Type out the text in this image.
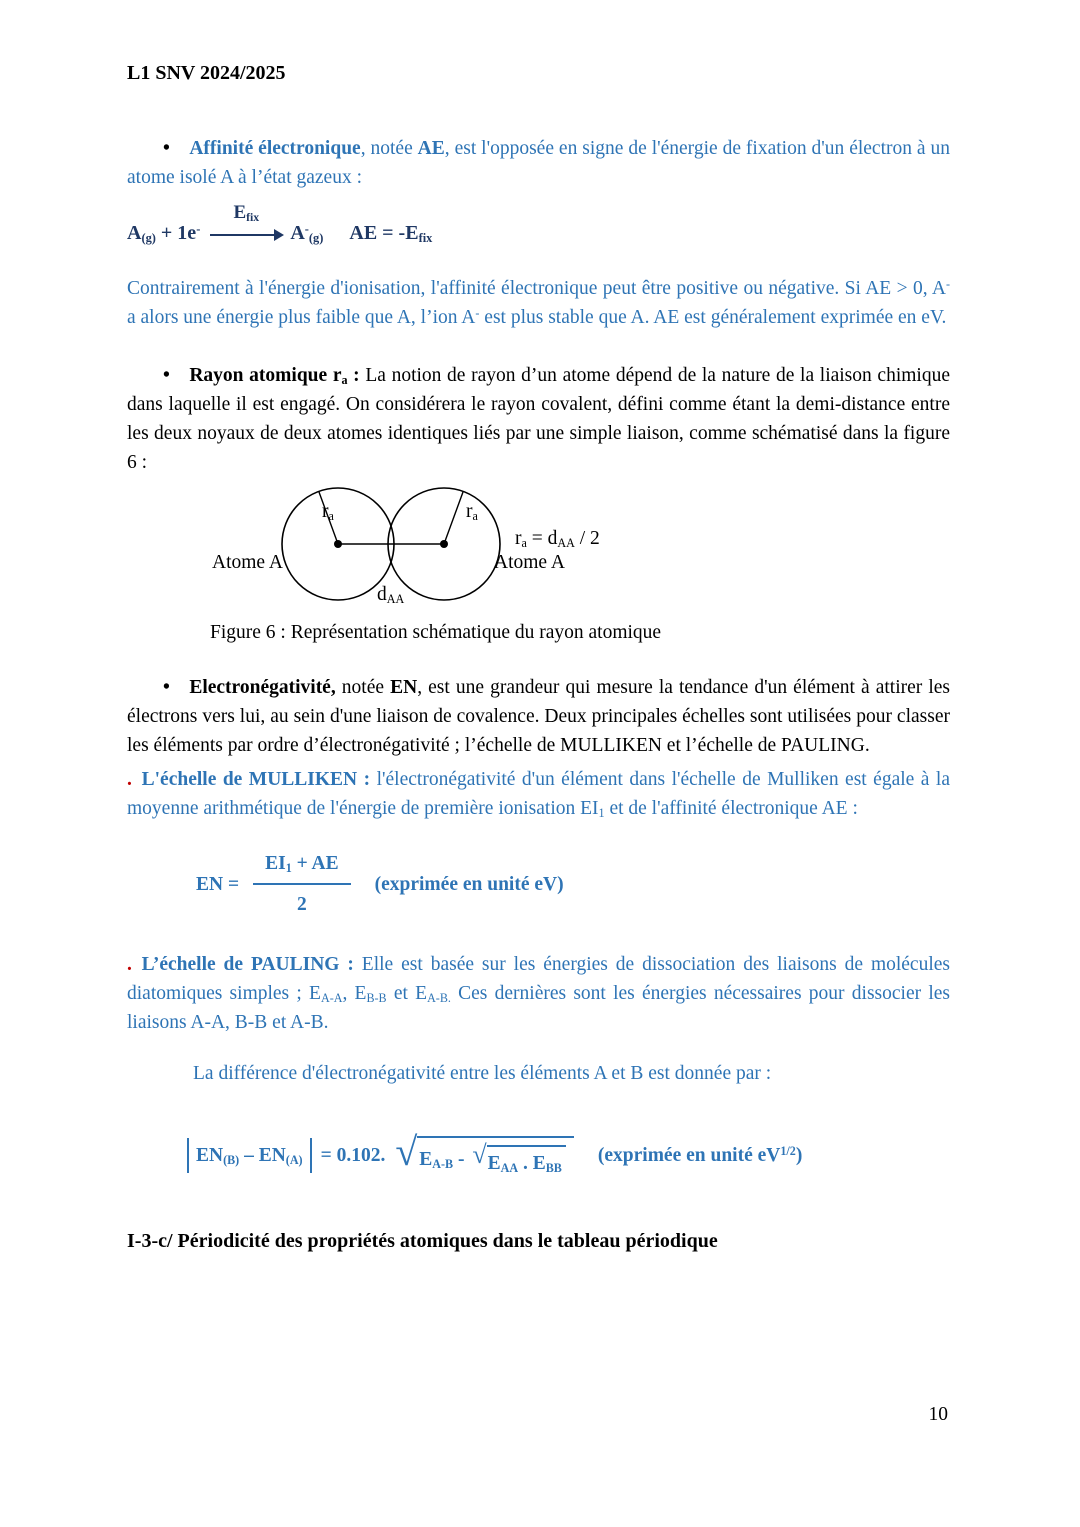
L1 SNV 2024/2025

• Affinité électronique, notée AE, est l'opposée en signe de l'énergie de fixation d'un électron à un atome isolé A à l’état gazeux :

$A_{(g)} + 1e^-$
$E_{fix}$
$A^-_{(g)}$ AE = $-E_{fix}$

Contrairement à l'énergie d'ionisation, l'affinité électronique peut être positive ou négative. Si AE > 0, A- a alors une énergie plus faible que A, l’ion A- est plus stable que A. AE est généralement exprimée en eV.

• Rayon atomique $r_a$ : La notion de rayon d’un atome dépend de la nature de la liaison chimique dans laquelle il est engagé. On considérera le rayon covalent, défini comme étant la demi-distance entre les deux noyaux de deux atomes identiques liés par une simple liaison, comme schématisé dans la figure 6 :

$r_a$	$r_a$
Atome A	Atome A
$d_{AA}$
$r_a = d_{AA} / 2$

Figure 6 : Représentation schématique du rayon atomique

• Electronégativité, notée EN, est une grandeur qui mesure la tendance d'un élément à attirer les électrons vers lui, au sein d'une liaison de covalence. Deux principales échelles sont utilisées pour classer les éléments par ordre d’électronégativité ; l’échelle de MULLIKEN et l’échelle de PAULING.

. L'échelle de MULLIKEN : l'électronégativité d'un élément dans l'échelle de Mulliken est égale à la moyenne arithmétique de l'énergie de première ionisation $EI_1$ et de l'affinité électronique AE :

EN = $\frac{EI_1 + AE}{2}$ (exprimée en unité eV)

. L’échelle de PAULING : Elle est basée sur les énergies de dissociation des liaisons de molécules diatomiques simples ; $E_{A-A}$, $E_{B-B}$ et $E_{A-B.}$ Ces dernières sont les énergies nécessaires pour dissocier les liaisons A-A, B-B et A-B.

La différence d'électronégativité entre les éléments A et B est donnée par :

$EN_{(B)} - EN_{(A)} = 0.102$. √ $E_{A-B}$ - √ $E_{AA}$ . $E_{BB}$
(exprimée en unité $eV^{1/2}$)
I-3-c/ Périodicité des propriétés atomiques dans le tableau périodique
10
